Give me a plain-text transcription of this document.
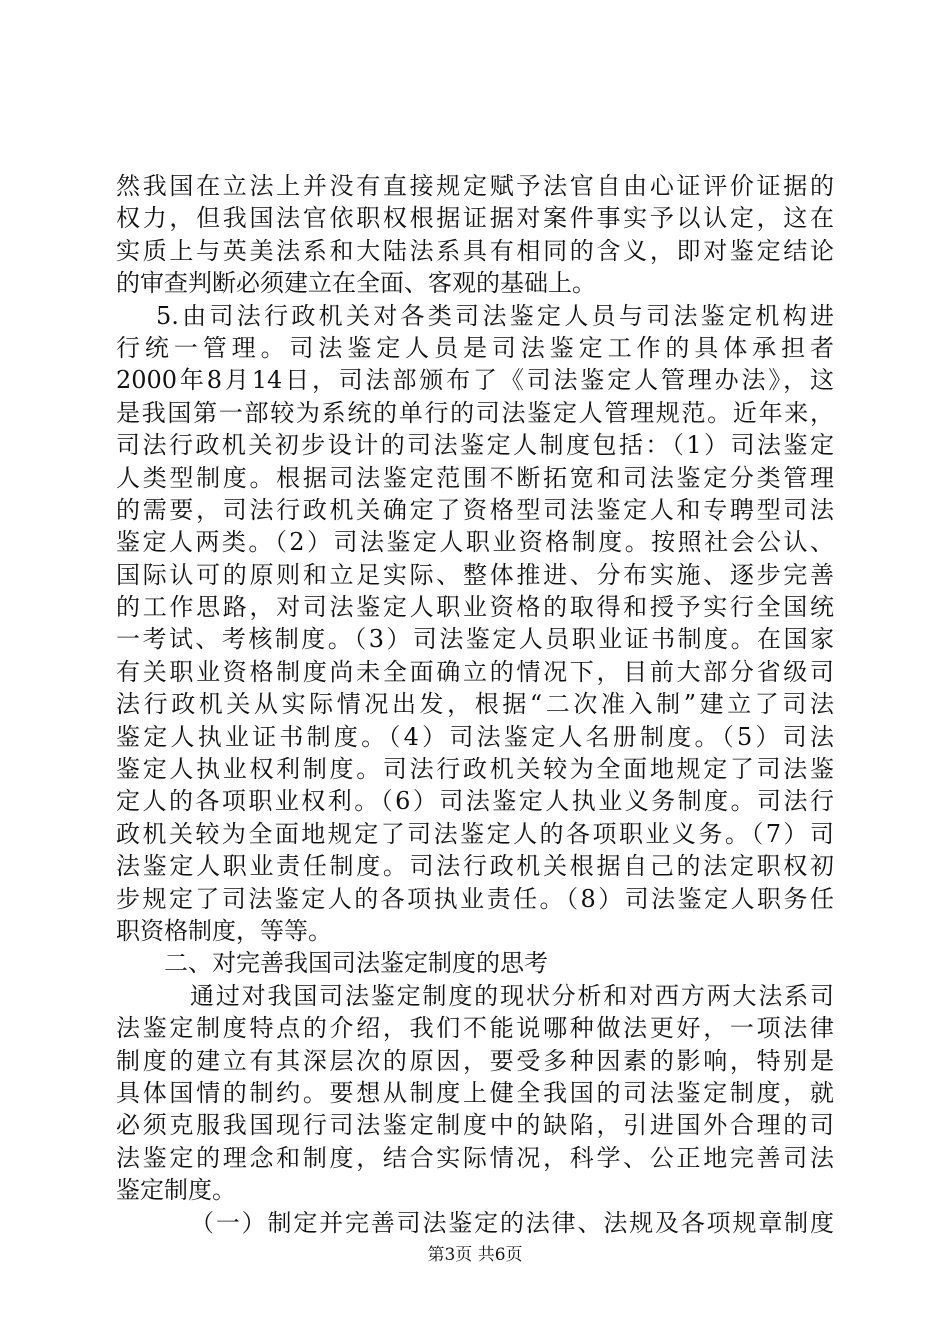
然我国在立法上并没有直接规定赋予法官自由心证评价证据的
权力，但我国法官依职权根据证据对案件事实予以认定，这在
实质上与英美法系和大陆法系具有相同的含义，即对鉴定结论
的审查判断必须建立在全面、客观的基础上。
5.由司法行政机关对各类司法鉴定人员与司法鉴定机构进
行统一管理。司法鉴定人员是司法鉴定工作的具体承担者
2000年8月14日，司法部颁布了《司法鉴定人管理办法》，这
是我国第一部较为系统的单行的司法鉴定人管理规范。近年来，
司法行政机关初步设计的司法鉴定人制度包括：（1）司法鉴定
人类型制度。根据司法鉴定范围不断拓宽和司法鉴定分类管理
的需要，司法行政机关确定了资格型司法鉴定人和专聘型司法
鉴定人两类。（2）司法鉴定人职业资格制度。按照社会公认、
国际认可的原则和立足实际、整体推进、分布实施、逐步完善
的工作思路，对司法鉴定人职业资格的取得和授予实行全国统
一考试、考核制度。（3）司法鉴定人员职业证书制度。在国家
有关职业资格制度尚未全面确立的情况下，目前大部分省级司
法行政机关从实际情况出发，根据“二次准入制”建立了司法
鉴定人执业证书制度。（4）司法鉴定人名册制度。（5）司法
鉴定人执业权利制度。司法行政机关较为全面地规定了司法鉴
定人的各项职业权利。（6）司法鉴定人执业义务制度。司法行
政机关较为全面地规定了司法鉴定人的各项职业义务。（7）司
法鉴定人职业责任制度。司法行政机关根据自己的法定职权初
步规定了司法鉴定人的各项执业责任。（8）司法鉴定人职务任
职资格制度，等等。
二、对完善我国司法鉴定制度的思考
通过对我国司法鉴定制度的现状分析和对西方两大法系司
法鉴定制度特点的介绍，我们不能说哪种做法更好，一项法律
制度的建立有其深层次的原因，要受多种因素的影响，特别是
具体国情的制约。要想从制度上健全我国的司法鉴定制度，就
必须克服我国现行司法鉴定制度中的缺陷，引进国外合理的司
法鉴定的理念和制度，结合实际情况，科学、公正地完善司法
鉴定制度。
（一）制定并完善司法鉴定的法律、法规及各项规章制度
第3页 共6页
